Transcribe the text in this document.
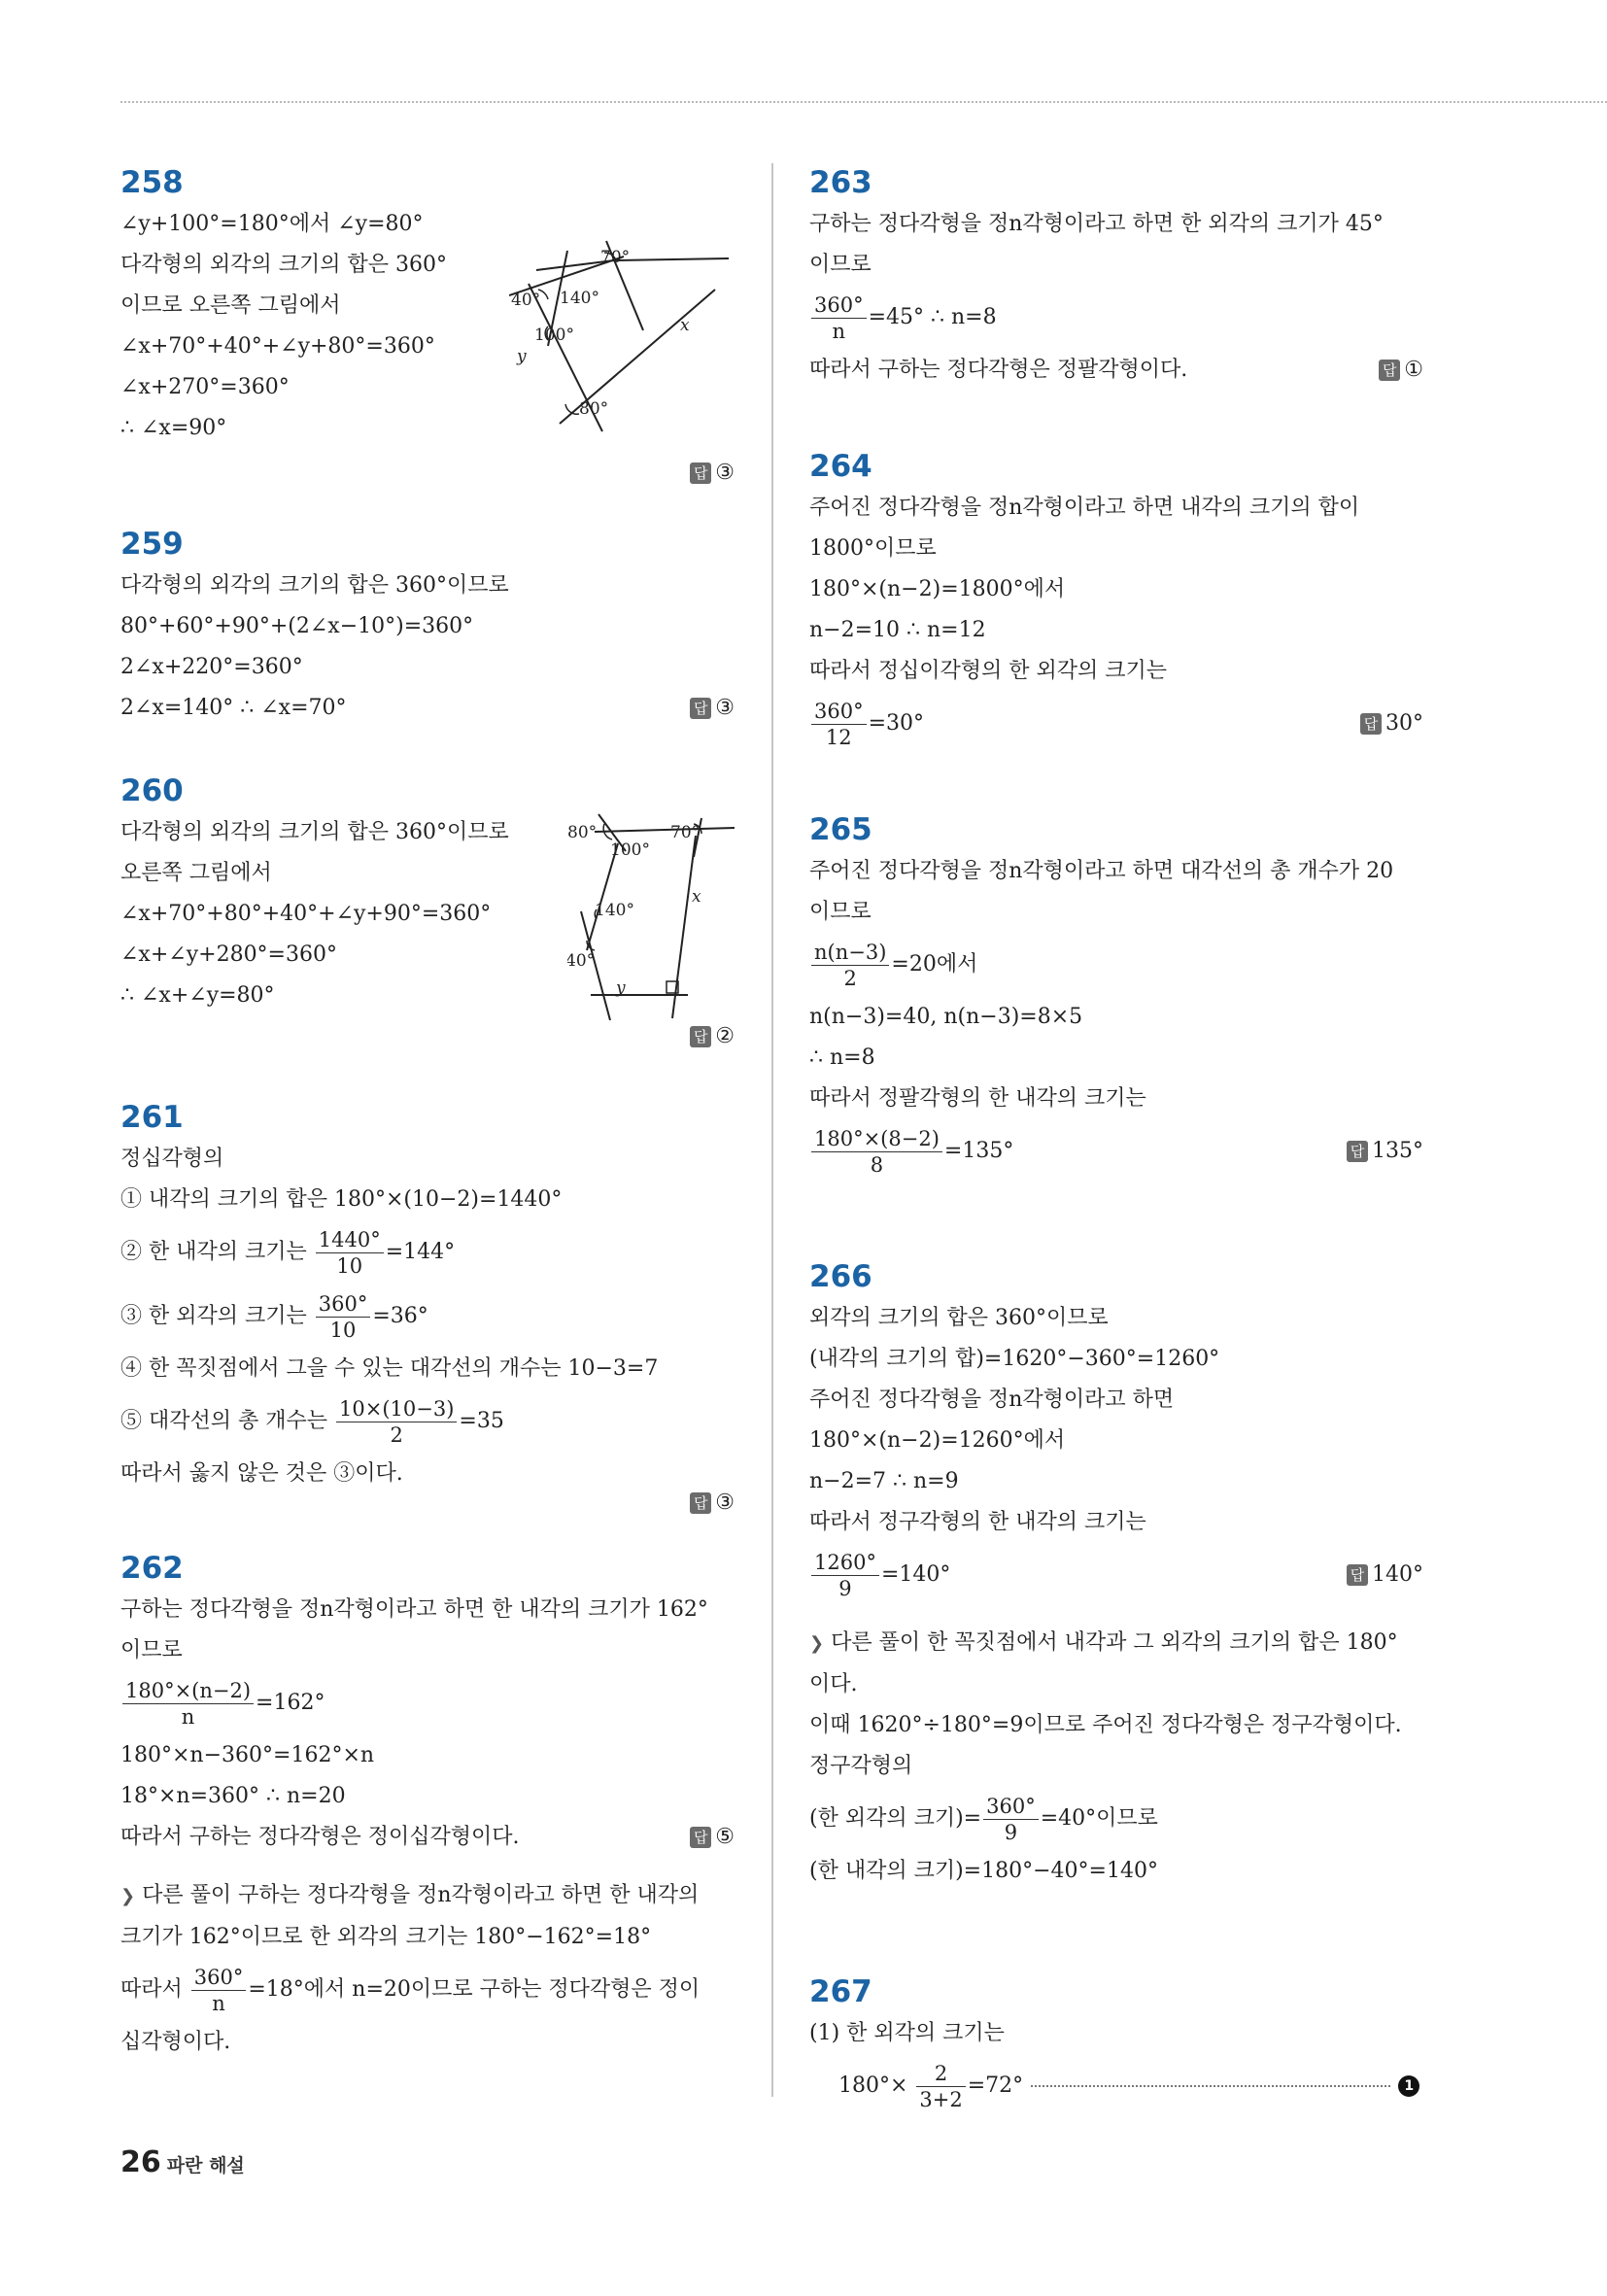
258
∠y+100°=180°에서 ∠y=80°
다각형의 외각의 크기의 합은 360°
이므로 오른쪽 그림에서
∠x+70°+40°+∠y+80°=360°
∠x+270°=360°
∴ ∠x=90°
70°
40° 140°
100°
y
x
80°
답 ③
259
다각형의 외각의 크기의 합은 360°이므로
80°+60°+90°+(2∠x−10°)=360°
2∠x+220°=360°
2∠x=140° ∴ ∠x=70°	답 ③
260
다각형의 외각의 크기의 합은 360°이므로
오른쪽 그림에서
∠x+70°+80°+40°+∠y+90°=360°
∠x+∠y+280°=360°
∴ ∠x+∠y=80°
80°
100°
70°
140°
x
40°
y
답 ②
261
정십각형의
① 내각의 크기의 합은 180°×(10−2)=1440°
② 한 내각의 크기는 $\frac{1440^\circ}{10} =144^\circ$
③ 한 외각의 크기는 $\frac{360^\circ}{10} =36^\circ$
④ 한 꼭짓점에서 그을 수 있는 대각선의 개수는 10−3=7
⑤ 대각선의 총 개수는 $\frac{10\times(10-3)}{2} =35$
따라서 옳지 않은 것은 ③이다.
답 ③
262
구하는 정다각형을 정n각형이라고 하면 한 내각의 크기가 162°
이므로
$\frac{180^\circ\times(n-2)}{n} =162^\circ$
180°×n−360°=162°×n
18°×n=360° ∴ n=20
따라서 구하는 정다각형은 정이십각형이다.	답 ⑤
❯ 다른 풀이 구하는 정다각형을 정n각형이라고 하면 한 내각의
크기가 162°이므로 한 외각의 크기는 180°−162°=18°
따라서 $\frac{360^\circ}{n} =18^\circ$에서 n=20이므로 구하는 정다각형은 정이
십각형이다.
263
구하는 정다각형을 정n각형이라고 하면 한 외각의 크기가 45°
이므로
$\frac{360^\circ}{n} =45^\circ$ ∴ n=8
따라서 구하는 정다각형은 정팔각형이다.	답 ①
264
주어진 정다각형을 정n각형이라고 하면 내각의 크기의 합이
1800°이므로
180°×(n−2)=1800°에서
n−2=10 ∴ n=12
따라서 정십이각형의 한 외각의 크기는
$\frac{360^\circ}{12} =30^\circ$	답 30°
265
주어진 정다각형을 정n각형이라고 하면 대각선의 총 개수가 20
이므로
$\frac{n(n-3)}{2} =20$에서
n(n−3)=40, n(n−3)=8×5
∴ n=8
따라서 정팔각형의 한 내각의 크기는
$\frac{180^\circ\times(8-2)}{8} =135^\circ$	답 135°
266
외각의 크기의 합은 360°이므로
(내각의 크기의 합)=1620°−360°=1260°
주어진 정다각형을 정n각형이라고 하면
180°×(n−2)=1260°에서
n−2=7 ∴ n=9
따라서 정구각형의 한 내각의 크기는
$\frac{1260^\circ}{9} =140^\circ$	답 140°
❯ 다른 풀이 한 꼭짓점에서 내각과 그 외각의 크기의 합은 180°
이다.
이때 1620°÷180°=9이므로 주어진 정다각형은 정구각형이다.
정구각형의
(한 외각의 크기)= $\frac{360^\circ}{9} =40^\circ$이므로
(한 내각의 크기)=180°−40°=140°
267
(1) 한 외각의 크기는
$180^\circ\times \frac{2}{3+2} =72^\circ$	1
26 파란 해설
